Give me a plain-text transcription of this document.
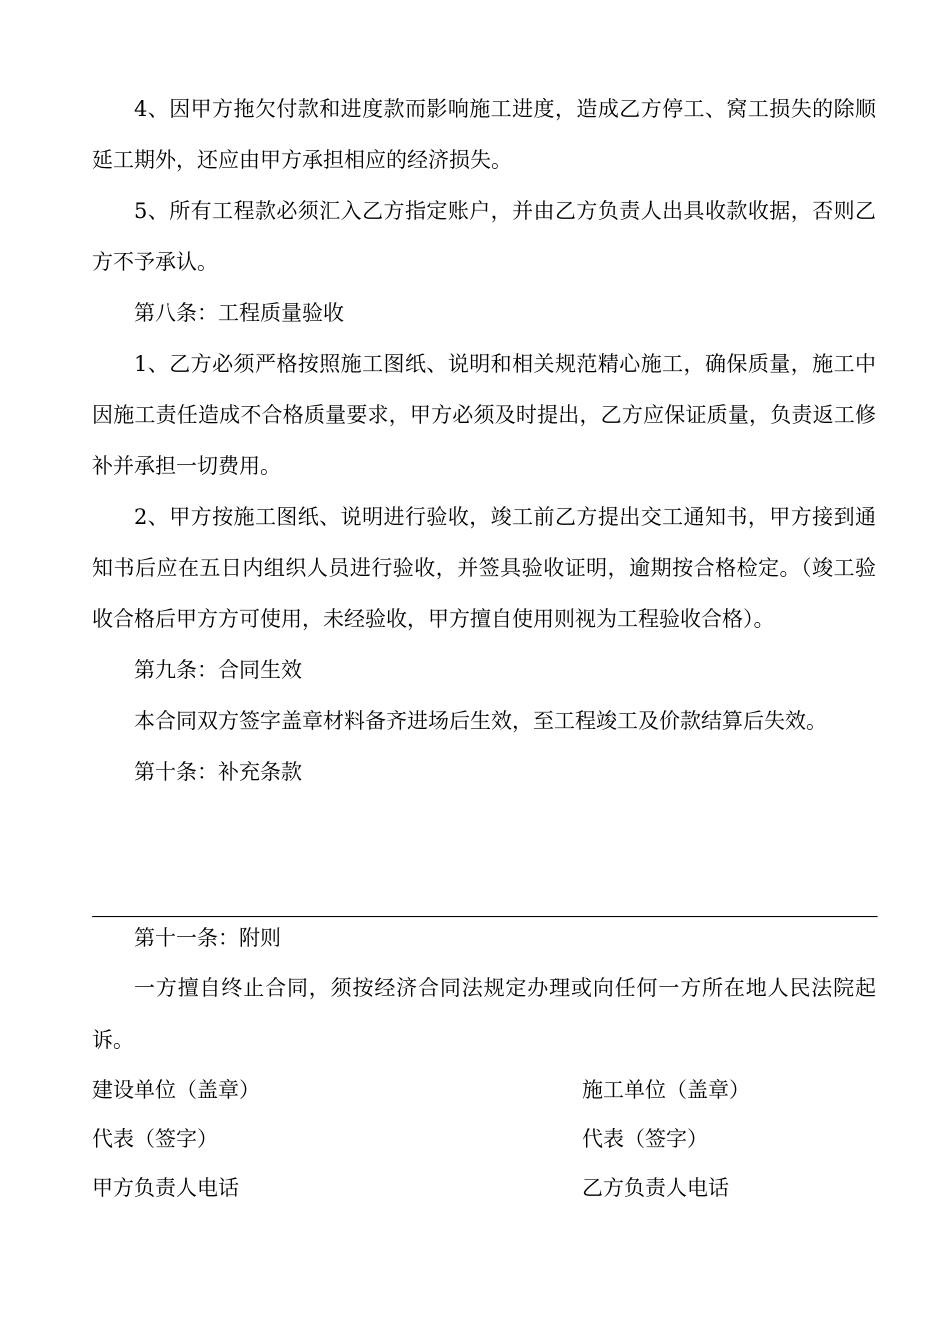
4、因甲方拖欠付款和进度款而影响施工进度，造成乙方停工、窝工损失的除顺延工期外，还应由甲方承担相应的经济损失。

5、所有工程款必须汇入乙方指定账户，并由乙方负责人出具收款收据，否则乙方不予承认。

第八条：工程质量验收

1、乙方必须严格按照施工图纸、说明和相关规范精心施工，确保质量，施工中因施工责任造成不合格质量要求，甲方必须及时提出，乙方应保证质量，负责返工修补并承担一切费用。

2、甲方按施工图纸、说明进行验收，竣工前乙方提出交工通知书，甲方接到通知书后应在五日内组织人员进行验收，并签具验收证明，逾期按合格检定。（竣工验收合格后甲方方可使用，未经验收，甲方擅自使用则视为工程验收合格）。

第九条：合同生效

本合同双方签字盖章材料备齐进场后生效，至工程竣工及价款结算后失效。

第十条：补充条款

第十一条：附则

一方擅自终止合同，须按经济合同法规定办理或向任何一方所在地人民法院起诉。

建设单位（盖章）	施工单位（盖章）
代表（签字）	代表（签字）
甲方负责人电话	乙方负责人电话
